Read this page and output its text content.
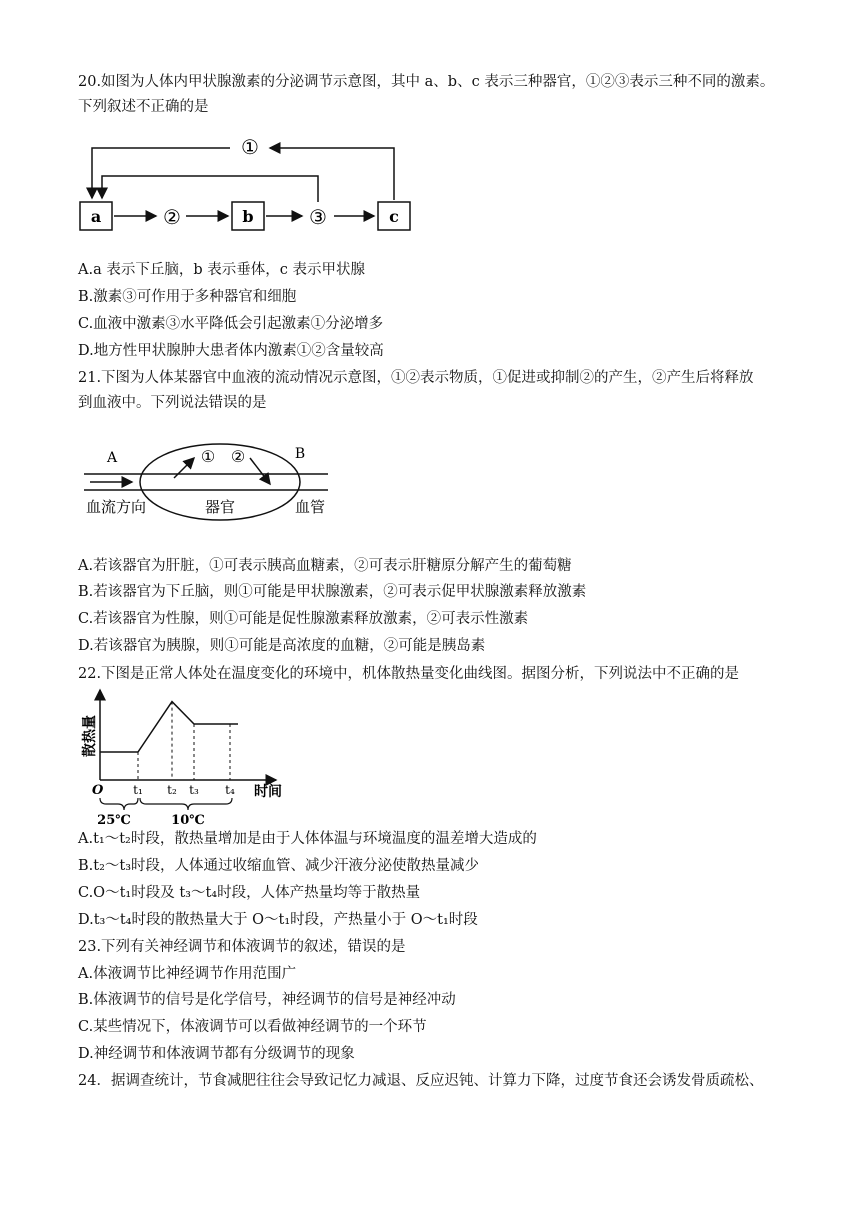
20.如图为人体内甲状腺激素的分泌调节示意图，其中 a、b、c 表示三种器官，①②③表示三种不同的激素。
下列叙述不正确的是
a	b	c
②	③
①
A.a 表示下丘脑，b 表示垂体，c 表示甲状腺
B.激素③可作用于多种器官和细胞
C.血液中激素③水平降低会引起激素①分泌增多
D.地方性甲状腺肿大患者体内激素①②含量较高
21.下图为人体某器官中血液的流动情况示意图，①②表示物质，①促进或抑制②的产生，②产生后将释放
到血液中。下列说法错误的是
A	B
① ②
血流方向	器官	血管
A.若该器官为肝脏，①可表示胰高血糖素，②可表示肝糖原分解产生的葡萄糖
B.若该器官为下丘脑，则①可能是甲状腺激素，②可表示促甲状腺激素释放激素
C.若该器官为性腺，则①可能是促性腺激素释放激素，②可表示性激素
D.若该器官为胰腺，则①可能是高浓度的血糖，②可能是胰岛素
22.下图是正常人体处在温度变化的环境中，机体散热量变化曲线图。据图分析，下列说法中不正确的是
散热量
时间
O t₁ t₂ t₃ t₄
25℃	10℃
A.t₁～t₂时段，散热量增加是由于人体体温与环境温度的温差增大造成的
B.t₂～t₃时段，人体通过收缩血管、减少汗液分泌使散热量减少
C.O～t₁时段及 t₃～t₄时段，人体产热量均等于散热量
D.t₃～t₄时段的散热量大于 O～t₁时段，产热量小于 O～t₁时段
23.下列有关神经调节和体液调节的叙述，错误的是
A.体液调节比神经调节作用范围广
B.体液调节的信号是化学信号，神经调节的信号是神经冲动
C.某些情况下，体液调节可以看做神经调节的一个环节
D.神经调节和体液调节都有分级调节的现象
24．据调查统计，节食减肥往往会导致记忆力减退、反应迟钝、计算力下降，过度节食还会诱发骨质疏松、
